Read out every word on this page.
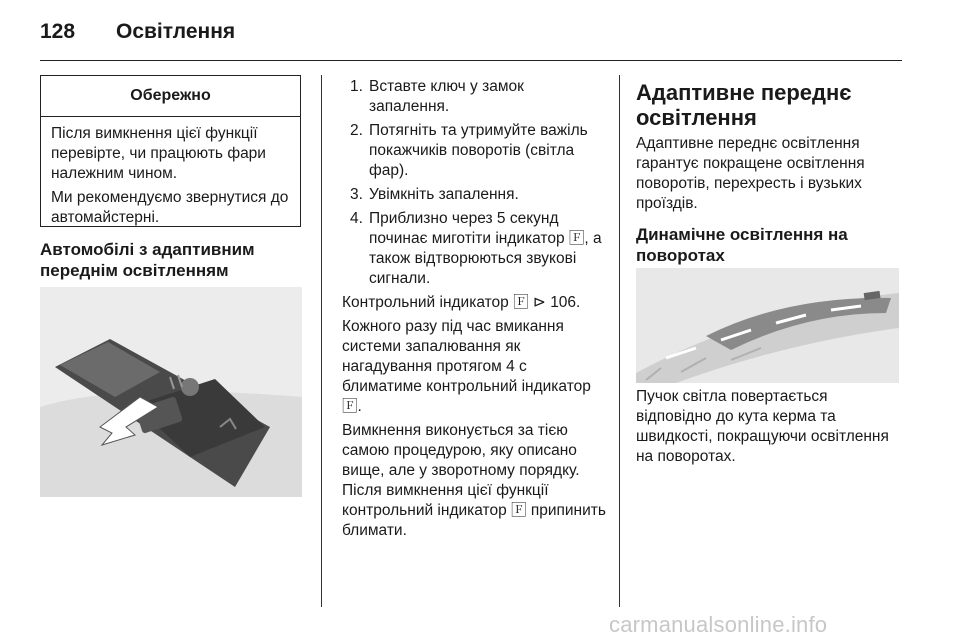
128 Освітлення
Обережно

Після вимкнення цієї функції перевірте, чи працюють фари належним чином.

Ми рекомендуємо звернутися до автомайстерні.

Автомобілі з адаптивним переднім освітленням
1. Вставте ключ у замок запалення.
2. Потягніть та утримуйте важіль покажчиків поворотів (світла фар).
3. Увімкніть запалення.
4. Приблизно через 5 секунд починає миготіти індикатор 🄵, а також відтворюються звукові сигнали.

Контрольний індикатор 🄵 ⊳ 106.

Кожного разу під час вмикання системи запалювання як нагадування протягом 4 с блиматиме контрольний індикатор 🄵.

Вимкнення виконується за тією самою процедурою, яку описано вище, але у зворотному порядку. Після вимкнення цієї функції контрольний індикатор 🄵 припинить блимати.

Адаптивне переднє освітлення

Адаптивне переднє освітлення гарантує покращене освітлення поворотів, перехресть і вузьких проїздів.

Динамічне освітлення на поворотах
Пучок світла повертається відповідно до кута керма та швидкості, покращуючи освітлення на поворотах.
carmanualsonline.info
